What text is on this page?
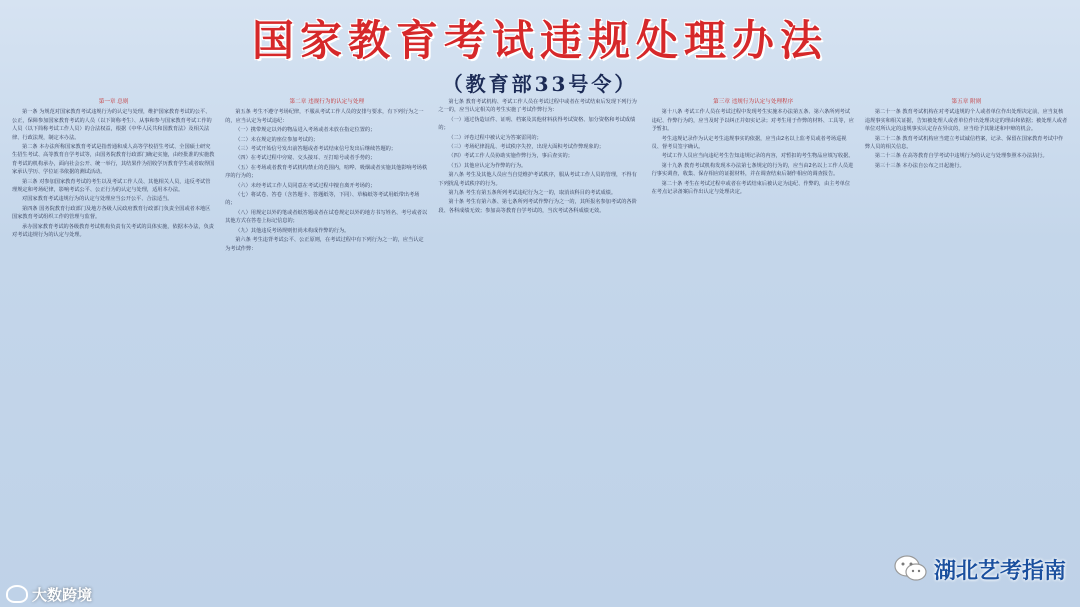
国家教育考试违规处理办法
（教育部33号令）
第一章 总则

第一条 为规范对国家教育考试违规行为的认定与处理，维护国家教育考试的公平、公正，保障参加国家教育考试的人员（以下简称考生）、从事和参与国家教育考试工作的人员（以下简称考试工作人员）的合法权益，根据《中华人民共和国教育法》及相关法律、行政法规，制定本办法。

第二条 本办法所称国家教育考试是指普通和成人高等学校招生考试、全国硕士研究生招生考试、高等教育自学考试等，由国务院教育行政部门确定实施，由经批准的实施教育考试的机构承办，面向社会公开、统一举行，其结果作为招收学历教育学生或者取得国家承认学历、学位证书依据的测试活动。

第三条 对参加国家教育考试的考生以及考试工作人员、其他相关人员，违反考试管理规定和考场纪律，影响考试公平、公正行为的认定与处理，适用本办法。

对国家教育考试违规行为的认定与处理应当公开公平、合法适当。

第四条 国务院教育行政部门及地方各级人民政府教育行政部门负责全国或者本地区国家教育考试组织工作的管理与监督。

承办国家教育考试的各级教育考试机构负责有关考试的具体实施，依据本办法，负责对考试违规行为的认定与处理。

第二章 违规行为的认定与处理

第五条 考生不遵守考场纪律，不服从考试工作人员的安排与要求，有下列行为之一的，应当认定为考试违纪：

（一）携带规定以外的物品进入考场或者未放在指定位置的；

（二）未在规定的座位参加考试的；

（三）考试开始信号发出前答题或者考试结束信号发出后继续答题的；

（四）在考试过程中旁窥、交头接耳、互打暗号或者手势的；

（五）在考场或者教育考试机构禁止的范围内，喧哗、吸烟或者实施其他影响考场秩序的行为的；

（六）未经考试工作人员同意在考试过程中擅自离开考场的；

（七）将试卷、答卷（含答题卡、答题纸等，下同）、草稿纸等考试用纸带出考场的；

（八）用规定以外的笔或者纸答题或者在试卷规定以外的地方书写姓名、考号或者以其他方式在答卷上标记信息的；

（九）其他违反考场规则但尚未构成作弊的行为。

第六条 考生违背考试公平、公正原则，在考试过程中有下列行为之一的，应当认定为考试作弊：

第七条 教育考试机构、考试工作人员在考试过程中或者在考试结束后发现下列行为之一的，应当认定相关的考生实施了考试作弊行为：

（一）通过伪造证件、证明、档案及其他材料获得考试资格、加分资格和考试成绩的；

（二）评卷过程中被认定为答案雷同的；

（三）考场纪律混乱、考试秩序失控，出现大面积考试作弊现象的；

（四）考试工作人员协助实施作弊行为，事后查实的；

（五）其他应认定为作弊的行为。

第八条 考生及其他人员应当自觉维护考试秩序，服从考试工作人员的管理，不得有下列扰乱考试秩序的行为。

第九条 考生有第五条所列考试违纪行为之一的，取消该科目的考试成绩。

第十条 考生有第六条、第七条所列考试作弊行为之一的，其所报名参加考试的各阶段、各科成绩无效；参加高等教育自学考试的，当次考试各科成绩无效。

第三章 违规行为认定与处理程序

第十八条 考试工作人员在考试过程中发现考生实施本办法第五条、第六条所列考试违纪、作弊行为的，应当及时予以纠正并如实记录；对考生用于作弊的材料、工具等，应予暂扣。

考生违规记录作为认定考生违规事实的依据，应当由2名以上监考员或者考场巡视员、督考员签字确认。

考试工作人员应当向违纪考生告知违规记录的内容，对暂扣的考生物品应填写收据。

第十九条 教育考试机构发现本办法第七条规定的行为的，应当由2名以上工作人员进行事实调查，收集、保存相应的证据材料，并在调查结束后制作相应的调查报告。

第二十条 考生在考试过程中或者在考试结束后被认定为违纪、作弊的，由主考单位在考点记录备案后作出认定与处理决定。

第五章 附则

第二十一条 教育考试机构在对考试违规的个人或者单位作出处理决定前，应当复核违规事实和相关证据，告知被处理人或者单位作出处理决定的理由和依据；被处理人或者单位对所认定的违规事实认定存在异议的，应当给予其陈述和申辩的机会。

第二十二条 教育考试机构应当建立考试诚信档案，记录、保留在国家教育考试中作弊人员的相关信息。

第二十三条 在高等教育自学考试中违规行为的认定与处理参照本办法执行。

第三十三条 本办法自公布之日起施行。

大数跨境
湖北艺考指南
